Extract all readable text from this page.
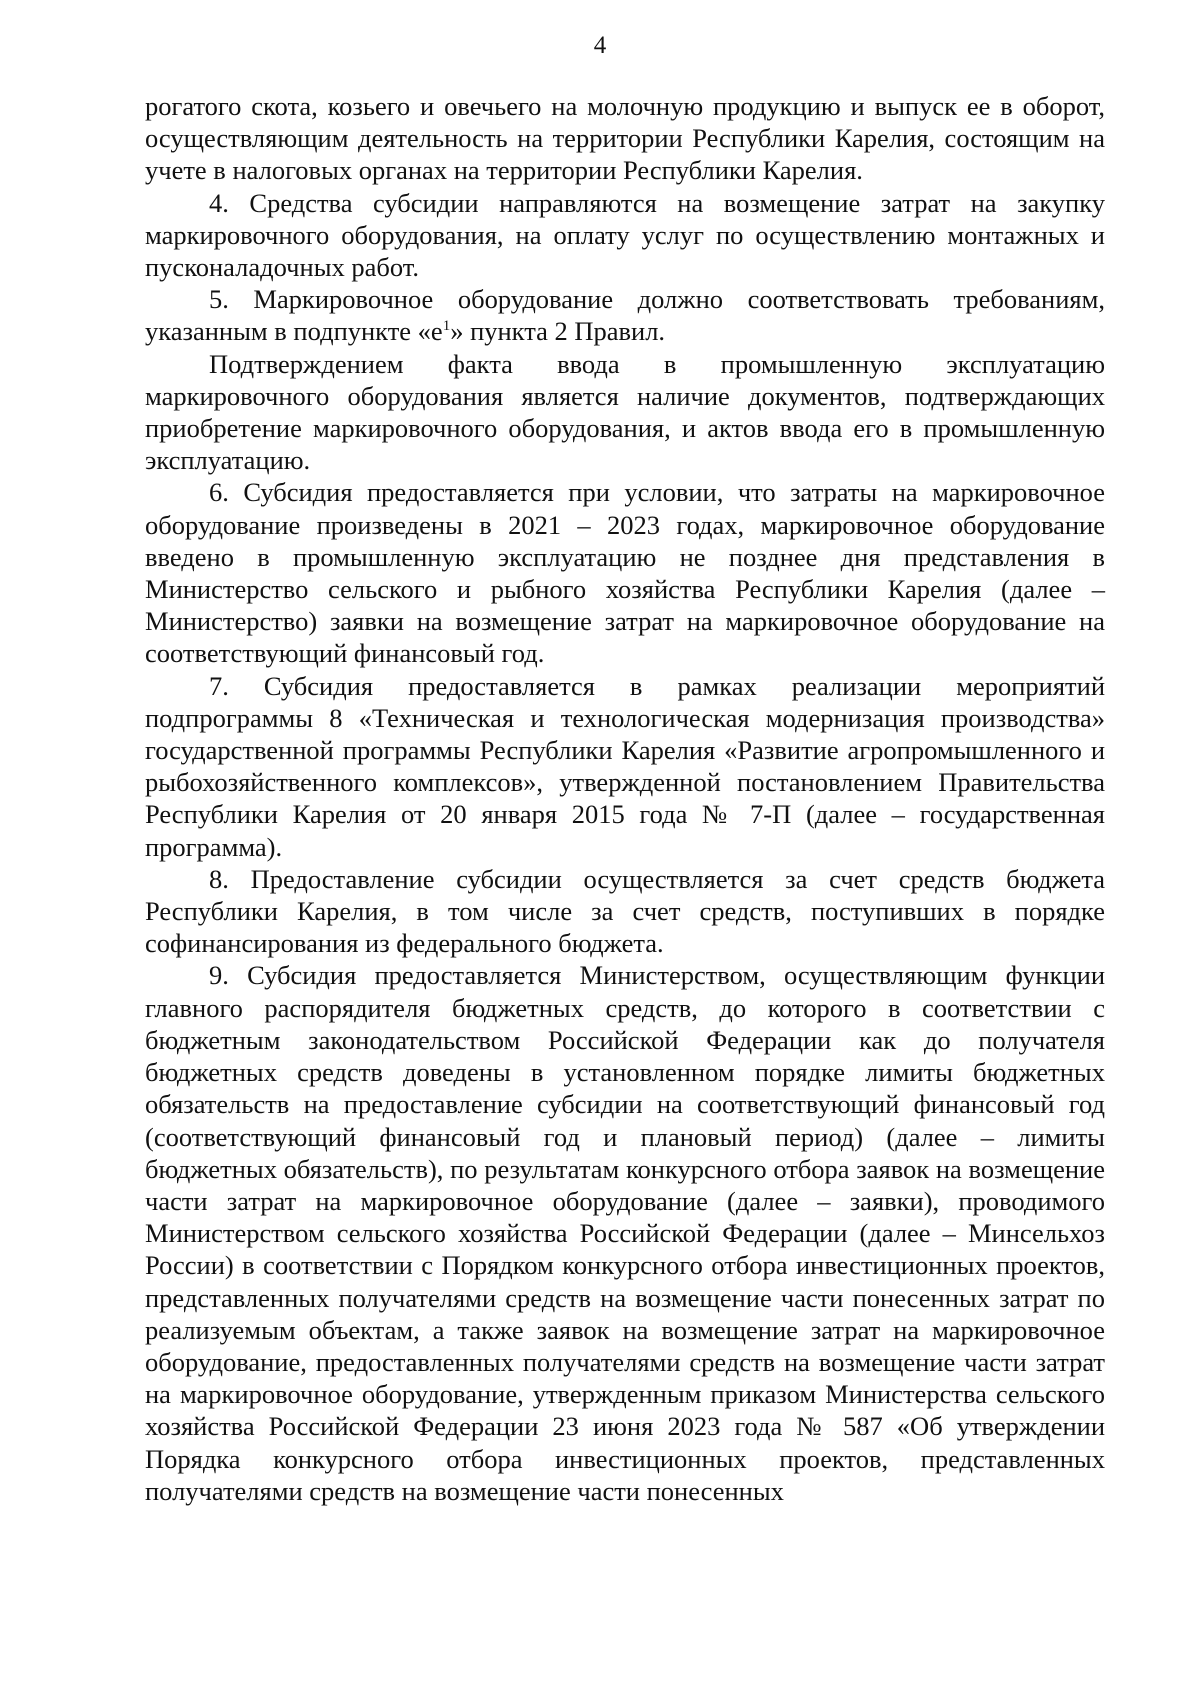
4

рогатого скота, козьего и овечьего на молочную продукцию и выпуск ее в оборот, осуществляющим деятельность на территории Республики Карелия, состоящим на учете в налоговых органах на территории Республики Карелия.

4. Средства субсидии направляются на возмещение затрат на закупку маркировочного оборудования, на оплату услуг по осуществлению монтажных и пусконаладочных работ.

5. Маркировочное оборудование должно соответствовать требованиям, указанным в подпункте «$е^1$» пункта 2 Правил.

Подтверждением факта ввода в промышленную эксплуатацию маркировочного оборудования является наличие документов, подтверждающих приобретение маркировочного оборудования, и актов ввода его в промышленную эксплуатацию.

6. Субсидия предоставляется при условии, что затраты на маркировочное оборудование произведены в 2021 – 2023 годах, маркировочное оборудование введено в промышленную эксплуатацию не позднее дня представления в Министерство сельского и рыбного хозяйства Республики Карелия (далее – Министерство) заявки на возмещение затрат на маркировочное оборудование на соответствующий финансовый год.

7. Субсидия предоставляется в рамках реализации мероприятий подпрограммы 8 «Техническая и технологическая модернизация производства» государственной программы Республики Карелия «Развитие агропромышленного и рыбохозяйственного комплексов», утвержденной постановлением Правительства Республики Карелия от 20 января 2015 года № 7-П (далее – государственная программа).

8. Предоставление субсидии осуществляется за счет средств бюджета Республики Карелия, в том числе за счет средств, поступивших в порядке софинансирования из федерального бюджета.

9. Субсидия предоставляется Министерством, осуществляющим функции главного распорядителя бюджетных средств, до которого в соответствии с бюджетным законодательством Российской Федерации как до получателя бюджетных средств доведены в установленном порядке лимиты бюджетных обязательств на предоставление субсидии на соответствующий финансовый год (соответствующий финансовый год и плановый период) (далее – лимиты бюджетных обязательств), по результатам конкурсного отбора заявок на возмещение части затрат на маркировочное оборудование (далее – заявки), проводимого Министерством сельского хозяйства Российской Федерации (далее – Минсельхоз России) в соответствии с Порядком конкурсного отбора инвестиционных проектов, представленных получателями средств на возмещение части понесенных затрат по реализуемым объектам, а также заявок на возмещение затрат на маркировочное оборудование, предоставленных получателями средств на возмещение части затрат на маркировочное оборудование, утвержденным приказом Министерства сельского хозяйства Российской Федерации 23 июня 2023 года № 587 «Об утверждении Порядка конкурсного отбора инвестиционных проектов, представленных получателями средств на возмещение части понесенных
